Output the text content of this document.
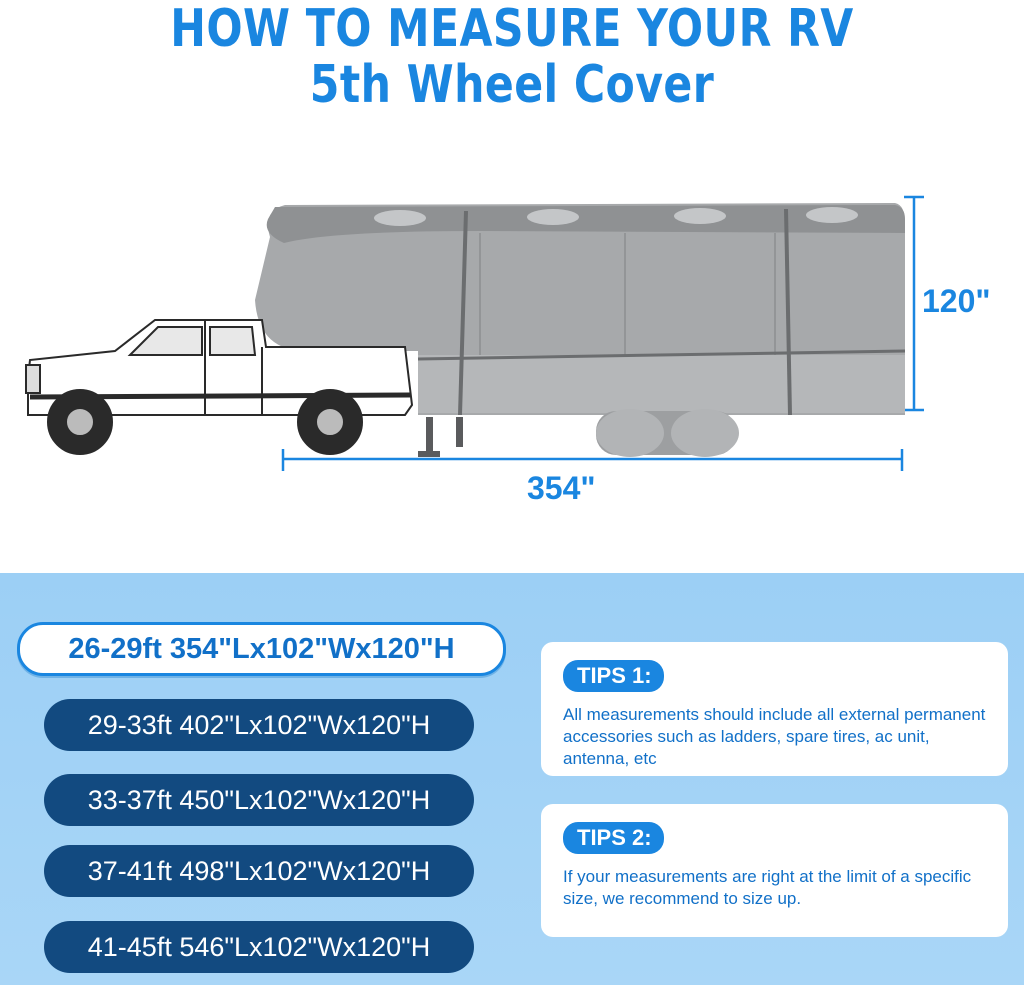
HOW TO MEASURE YOUR RV
5th Wheel Cover
120"
354"
26-29ft 354"Lx102"Wx120"H
29-33ft 402"Lx102"Wx120"H
33-37ft 450"Lx102"Wx120"H
37-41ft 498"Lx102"Wx120"H
41-45ft 546"Lx102"Wx120"H
TIPS 1:
All measurements should include all external permanent accessories such as ladders, spare tires, ac unit, antenna, etc
TIPS 2:
If your measurements are right at the limit of a specific size, we recommend to size up.
